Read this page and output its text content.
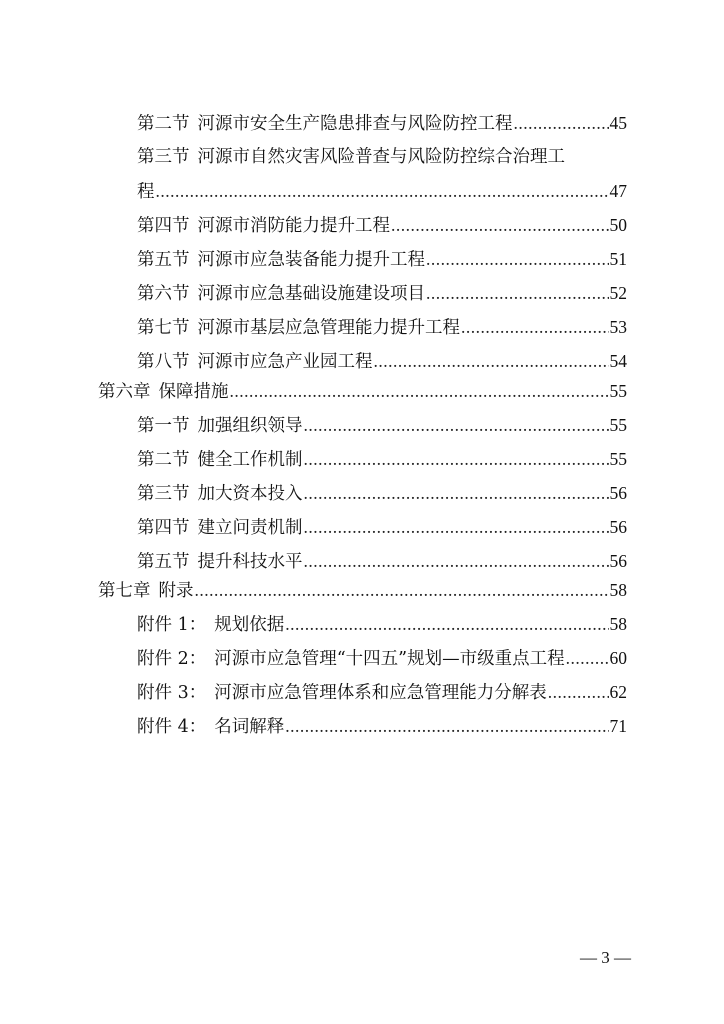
第二节 河源市安全生产隐患排查与风险防控工程 .....	45
第三节 河源市自然灾害风险普查与风险防控综合治理工
程 .....	47
第四节 河源市消防能力提升工程 .....	50
第五节 河源市应急装备能力提升工程 .....	51
第六节 河源市应急基础设施建设项目 .....	52
第七节 河源市基层应急管理能力提升工程 .....	53
第八节 河源市应急产业园工程 .....	54
第六章 保障措施 .....	55
第一节 加强组织领导 .....	55
第二节 健全工作机制 .....	55
第三节 加大资本投入 .....	56
第四节 建立问责机制 .....	56
第五节 提升科技水平 .....	56
第七章 附录 .....	58
附件 1： 规划依据 .....	58
附件 2： 河源市应急管理“十四五”规划—市级重点工程 .....	60
附件 3： 河源市应急管理体系和应急管理能力分解表 .....	62
附件 4： 名词解释 .....	71
— 3 —
